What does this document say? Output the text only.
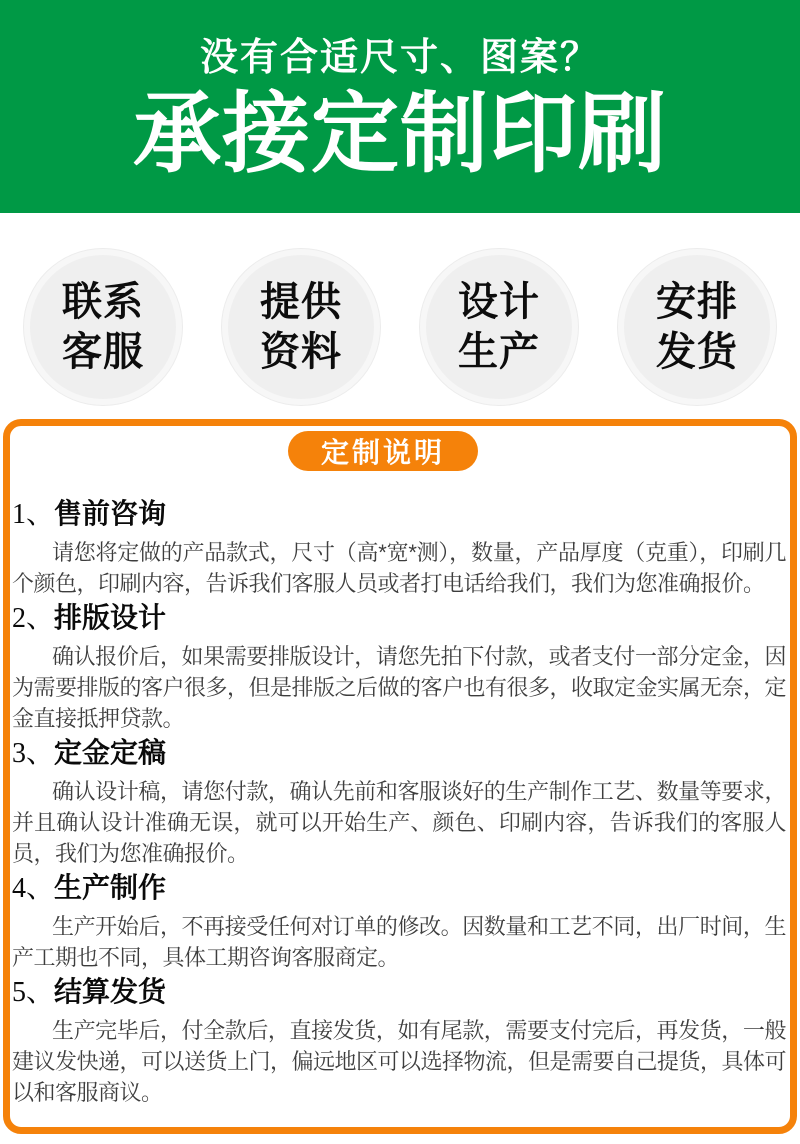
没有合适尺寸、图案？
承接定制印刷
联系
客服
提供
资料
设计
生产
安排
发货
定制说明
1、售前咨询

请您将定做的产品款式，尺寸（高*宽*测），数量，产品厚度（克重），印刷几个颜色，印刷内容，告诉我们客服人员或者打电话给我们，我们为您准确报价。

2、排版设计

确认报价后，如果需要排版设计，请您先拍下付款，或者支付一部分定金，因为需要排版的客户很多，但是排版之后做的客户也有很多，收取定金实属无奈，定金直接抵押贷款。

3、定金定稿

确认设计稿，请您付款，确认先前和客服谈好的生产制作工艺、数量等要求，并且确认设计准确无误，就可以开始生产、颜色、印刷内容，告诉我们的客服人员，我们为您准确报价。

4、生产制作

生产开始后，不再接受任何对订单的修改。因数量和工艺不同，出厂时间，生产工期也不同，具体工期咨询客服商定。

5、结算发货

生产完毕后，付全款后，直接发货，如有尾款，需要支付完后，再发货，一般建议发快递，可以送货上门，偏远地区可以选择物流，但是需要自己提货，具体可以和客服商议。
